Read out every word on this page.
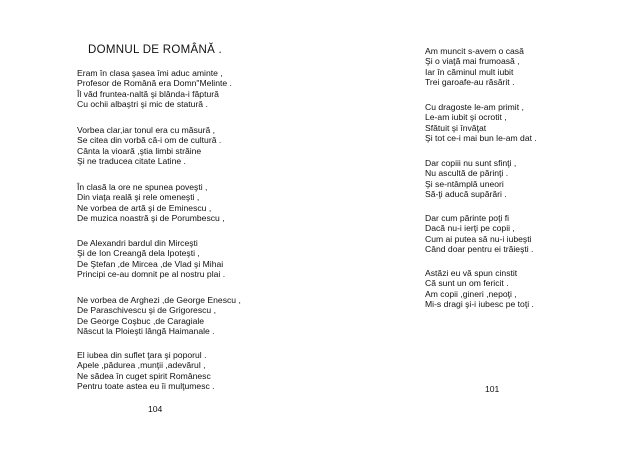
DOMNUL DE ROMÂNĂ .
Eram în clasa şasea îmi aduc aminte ,
Profesor de Română era Domn"Melinte .
Îl văd fruntea-naltă şi blânda-i făptură
Cu ochii albaştri şi mic de statură .
Vorbea clar,iar tonul era cu măsură ,
Se citea din vorbă că-i om de cultură .
Cânta la vioară ,ştia limbi străine
Şi ne traducea citate Latine .
În clasă la ore ne spunea poveşti ,
Din viaţa reală şi rele omeneşti ,
Ne vorbea de artă şi de Eminescu ,
De muzica noastră şi de Porumbescu ,
De Alexandri bardul din Mirceşti
Şi de Ion Creangă dela Ipoteşti ,
De Ştefan ,de Mircea ,de Vlad şi Mihai
Principi ce-au domnit pe al nostru plai .
Ne vorbea de Arghezi ,de George Enescu ,
De Paraschivescu şi de Grigorescu ,
De George Coşbuc ,de Caragiale
Născut la Ploieşti lângă Haimanale .
El iubea din suflet ţara şi poporul .
Apele ,pădurea ,munţii ,adevărul ,
Ne sădea în cuget spirit Românesc
Pentru toate astea eu îi mulţumesc .
104
Am muncit s-avem o casă
Şi o viaţă mai frumoasă ,
Iar în căminul mult iubit
Trei garoafe-au răsărit .
Cu dragoste le-am primit ,
Le-am iubit şi ocrotit ,
Sfătuit şi învăţat
Şi tot ce-i mai bun le-am dat .
Dar copiii nu sunt sfinţi ,
Nu ascultă de părinţi .
Şi se-ntâmplă uneori
Să-ţi aducă supărări .
Dar cum părinte poţi fi
Dacă nu-i ierţi pe copii ,
Cum ai putea să nu-i iubeşti
Când doar pentru ei trăieşti .
Astăzi eu vă spun cinstit
Că sunt un om fericit .
Am copii ,gineri ,nepoţi ,
Mi-s dragi şi-i iubesc pe toţi .
101
